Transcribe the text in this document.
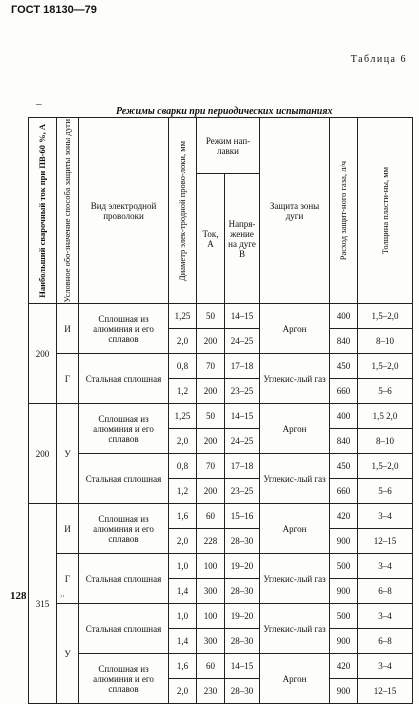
ГОСТ 18130—79
Таблица 6
–
Режимы сварки при периодических испытаниях
Наибольший сварочный ток при ПВ-60 %, А	Условное обо-значение способа защиты зоны дуги	Вид электродной проволоки	Диаметр элек-тродной прово-локи, мм	Режим нап-лавки		Защита зоны дуги	Расход защит-ного газа, л/ч	Толщина пласти-ны, мм

				Ток, А	Напря-жение на дуге В			
200	И	Сплошная из алюминия и его сплавов	1,25	50	14–15	Аргон	400	1,5–2,0
			2,0	200	24–25		840	8–10
	Г	Стальная сплошная	0,8	70	17–18	Углекис-лый газ	450	1,5–2,0
			1,2	200	23–25		660	5–6
200	У	Сплошная из алюминия и его сплавов	1,25	50	14–15	Аргон	400	1,5 2,0
			2,0	200	24–25		840	8–10
		Стальная сплошная	0,8	70	17–18	Углекис-лый газ	450	1,5–2,0
			1,2	200	23–25		660	5–6
315	И	Сплошная из алюминия и его сплавов	1,6	60	15–16	Аргон	420	3–4
			2,0	228	28–30		900	12–15
	Г	Стальная сплошная	1,0	100	19–20	Углекис-лый газ	500	3–4
			1,4	300	28–30		900	6–8
	У	Стальная сплошная	1,0	100	19–20	Углекис-лый газ	500	3–4
			1,4	300	28–30		900	6–8
		Сплошная из алюминия и его сплавов	1,6	60	14–15	Аргон	420	3–4
			2,0	230	28–30		900	12–15
128	›‹
